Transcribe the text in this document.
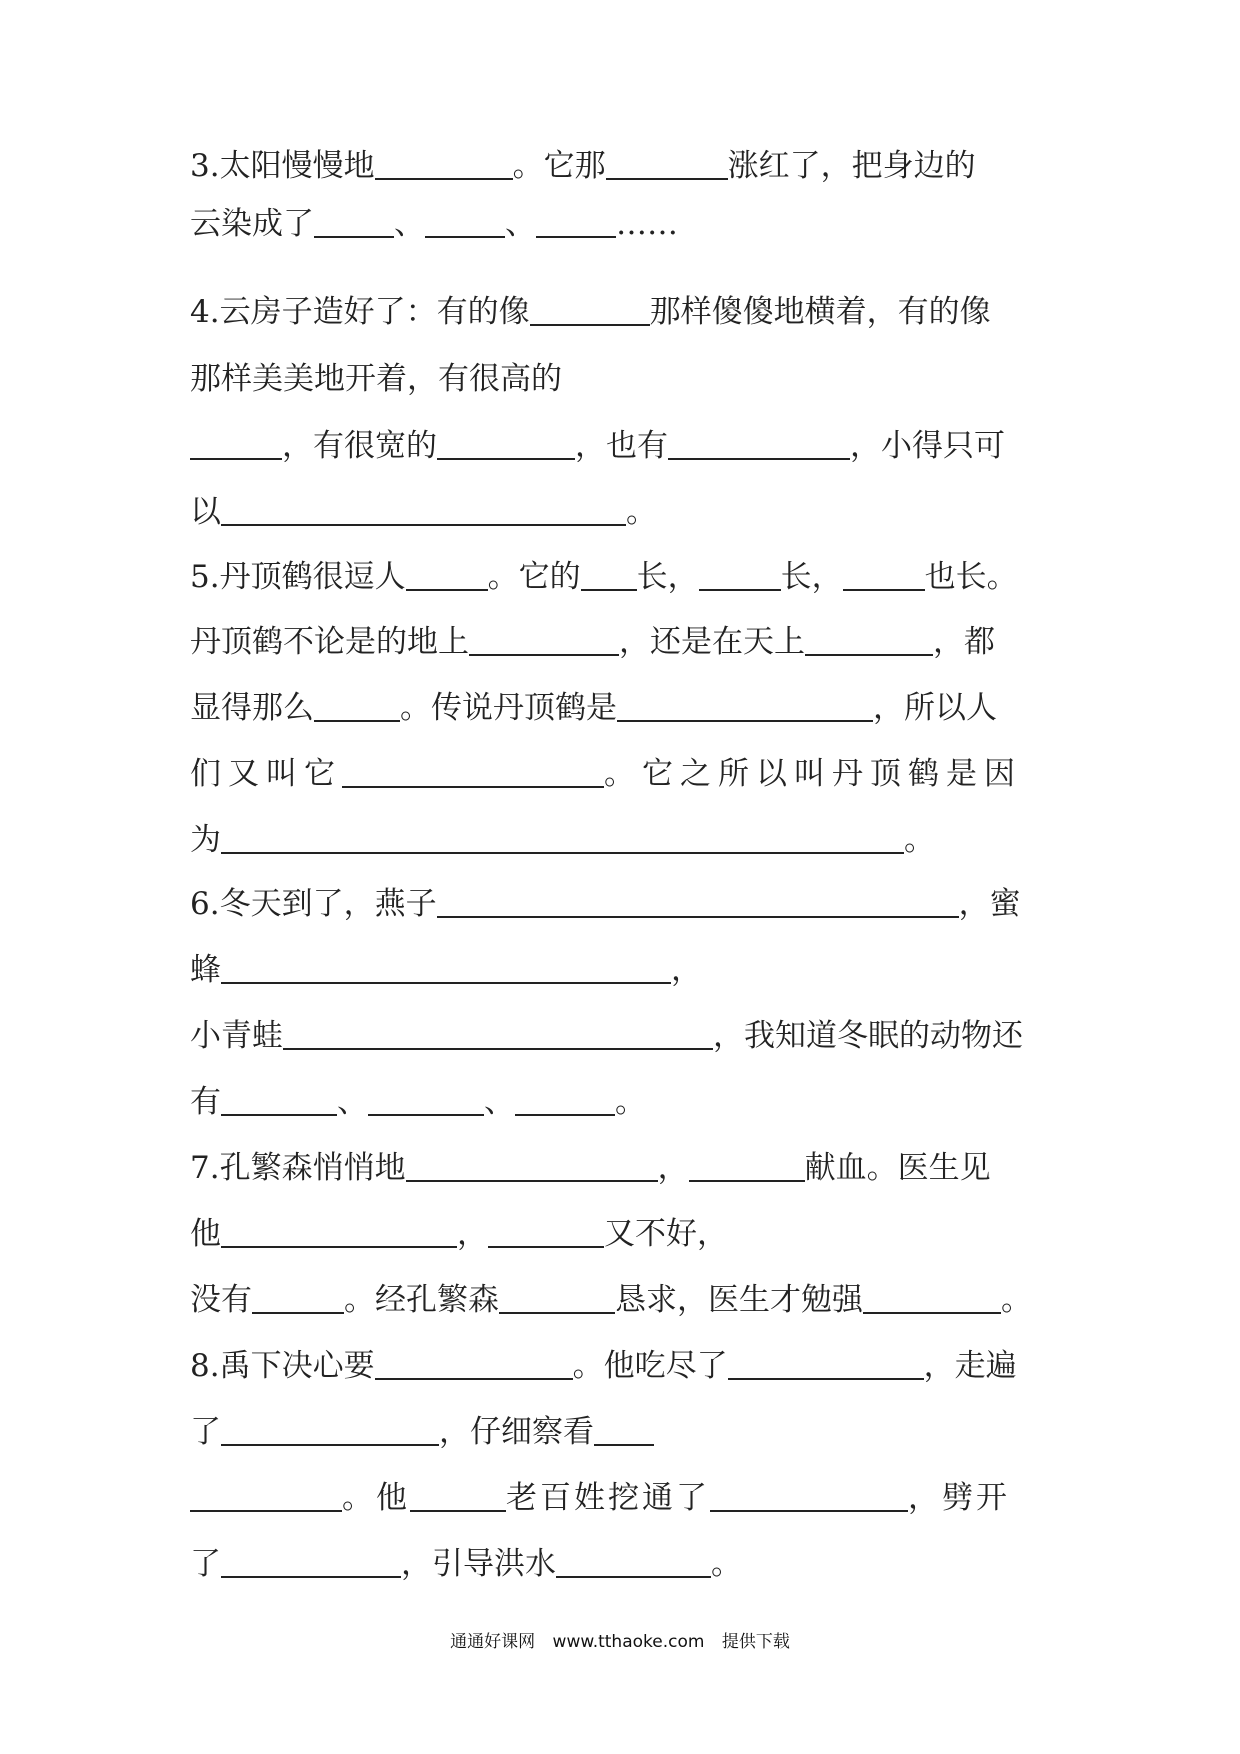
3.太阳慢慢地	。它那	涨红了，把身边的
云染成了	、	、	……
4.云房子造好了：有的像	那样傻傻地横着，有的像
那样美美地开着，有很高的
，有很宽的	，也有	，小得只可
以	。
5.丹顶鹤很逗人	。它的 长，	长，	也长。
丹顶鹤不论是的地上	，还是在天上	，都
显得那么	。传说丹顶鹤是	，所以人
们又叫它	。它之所以叫丹顶鹤是因
为	。
6.冬天到了，燕子	，蜜
蜂	，
小青蛙	，我知道冬眠的动物还
有	、	、	。
7.孔繁森悄悄地	，	献血。医生见
他	，	又不好，
没有	。经孔繁森	恳求，医生才勉强	。
8.禹下决心要	。他吃尽了	，走遍
了	，仔细察看
。他	老百姓挖通了	，劈开
了	，引导洪水	。
通通好课网 www.tthaoke.com 提供下载
